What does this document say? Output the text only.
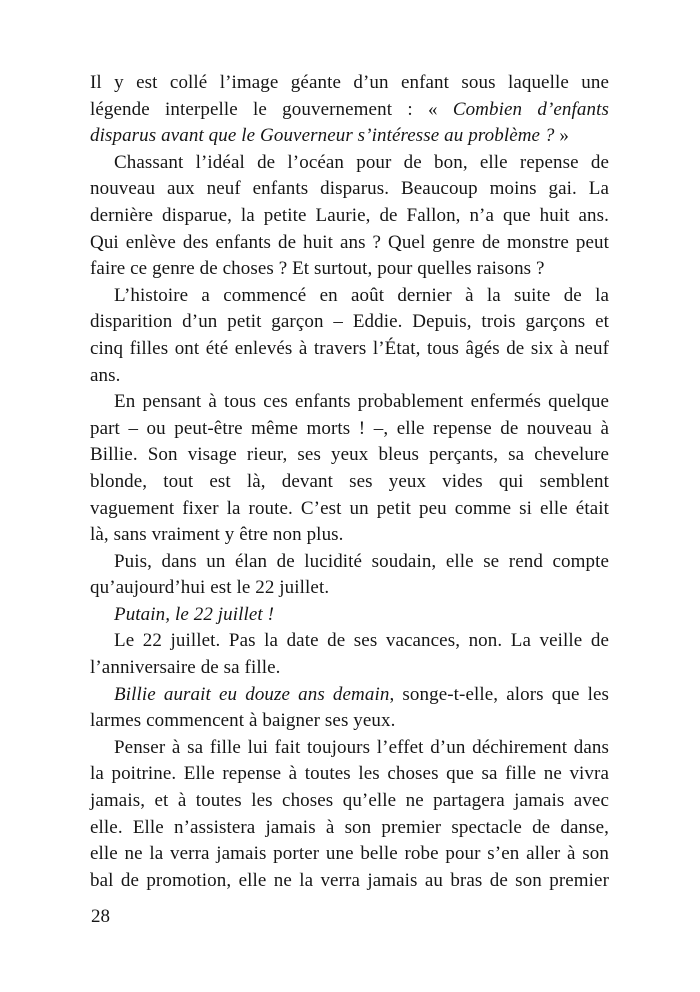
Il y est collé l’image géante d’un enfant sous laquelle une
légende interpelle le gouvernement : « Combien d’enfants
disparus avant que le Gouverneur s’intéresse au problème ? »
Chassant l’idéal de l’océan pour de bon, elle repense de
nouveau aux neuf enfants disparus. Beaucoup moins gai. La
dernière disparue, la petite Laurie, de Fallon, n’a que huit ans.
Qui enlève des enfants de huit ans ? Quel genre de monstre peut
faire ce genre de choses ? Et surtout, pour quelles raisons ?
L’histoire a commencé en août dernier à la suite de la
disparition d’un petit garçon – Eddie. Depuis, trois garçons et
cinq filles ont été enlevés à travers l’État, tous âgés de six à neuf
ans.
En pensant à tous ces enfants probablement enfermés quelque
part – ou peut-être même morts ! –, elle repense de nouveau à
Billie. Son visage rieur, ses yeux bleus perçants, sa chevelure
blonde, tout est là, devant ses yeux vides qui semblent
vaguement fixer la route. C’est un petit peu comme si elle était
là, sans vraiment y être non plus.
Puis, dans un élan de lucidité soudain, elle se rend compte
qu’aujourd’hui est le 22 juillet.
Putain, le 22 juillet !
Le 22 juillet. Pas la date de ses vacances, non. La veille de
l’anniversaire de sa fille.
Billie aurait eu douze ans demain, songe-t-elle, alors que les
larmes commencent à baigner ses yeux.
Penser à sa fille lui fait toujours l’effet d’un déchirement dans
la poitrine. Elle repense à toutes les choses que sa fille ne vivra
jamais, et à toutes les choses qu’elle ne partagera jamais avec
elle. Elle n’assistera jamais à son premier spectacle de danse,
elle ne la verra jamais porter une belle robe pour s’en aller à son
bal de promotion, elle ne la verra jamais au bras de son premier
28
